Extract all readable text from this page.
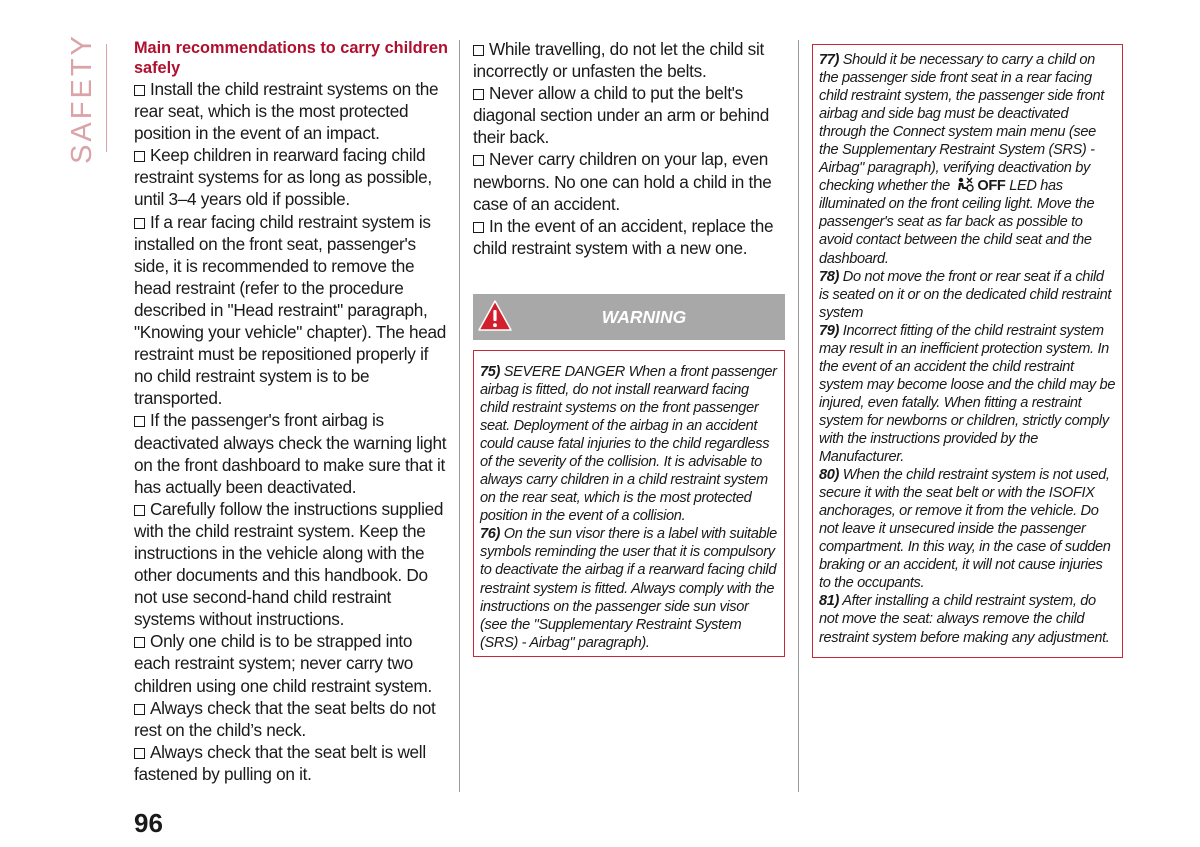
SAFETY Main recommendations to carry children safely

Install the child restraint systems on the rear seat, which is the most protected position in the event of an impact.

Keep children in rearward facing child restraint systems for as long as possible, until 3–4 years old if possible.

If a rear facing child restraint system is installed on the front seat, passenger's side, it is recommended to remove the head restraint (refer to the procedure described in "Head restraint" paragraph, "Knowing your vehicle" chapter). The head restraint must be repositioned properly if no child restraint system is to be transported.

If the passenger's front airbag is deactivated always check the warning light on the front dashboard to make sure that it has actually been deactivated.

Carefully follow the instructions supplied with the child restraint system. Keep the instructions in the vehicle along with the other documents and this handbook. Do not use second-hand child restraint systems without instructions.

Only one child is to be strapped into each restraint system; never carry two children using one child restraint system.

Always check that the seat belts do not rest on the child’s neck.

Always check that the seat belt is well fastened by pulling on it.

While travelling, do not let the child sit incorrectly or unfasten the belts.

Never allow a child to put the belt's diagonal section under an arm or behind their back.

Never carry children on your lap, even newborns. No one can hold a child in the case of an accident.

In the event of an accident, replace the child restraint system with a new one.

WARNING

75) SEVERE DANGER When a front passenger airbag is fitted, do not install rearward facing child restraint systems on the front passenger seat. Deployment of the airbag in an accident could cause fatal injuries to the child regardless of the severity of the collision. It is advisable to always carry children in a child restraint system on the rear seat, which is the most protected position in the event of a collision.

76) On the sun visor there is a label with suitable symbols reminding the user that it is compulsory to deactivate the airbag if a rearward facing child restraint system is fitted. Always comply with the instructions on the passenger side sun visor (see the "Supplementary Restraint System (SRS) - Airbag" paragraph).

77) Should it be necessary to carry a child on the passenger side front seat in a rear facing child restraint system, the passenger side front airbag and side bag must be deactivated through the Connect system main menu (see the Supplementary Restraint System (SRS) - Airbag" paragraph), verifying deactivation by checking whether the OFF LED has illuminated on the front ceiling light. Move the passenger's seat as far back as possible to avoid contact between the child seat and the dashboard.

78) Do not move the front or rear seat if a child is seated on it or on the dedicated child restraint system

79) Incorrect fitting of the child restraint system may result in an inefficient protection system. In the event of an accident the child restraint system may become loose and the child may be injured, even fatally. When fitting a restraint system for newborns or children, strictly comply with the instructions provided by the Manufacturer.

80) When the child restraint system is not used, secure it with the seat belt or with the ISOFIX anchorages, or remove it from the vehicle. Do not leave it unsecured inside the passenger compartment. In this way, in the case of sudden braking or an accident, it will not cause injuries to the occupants.

81) After installing a child restraint system, do not move the seat: always remove the child restraint system before making any adjustment.

96
